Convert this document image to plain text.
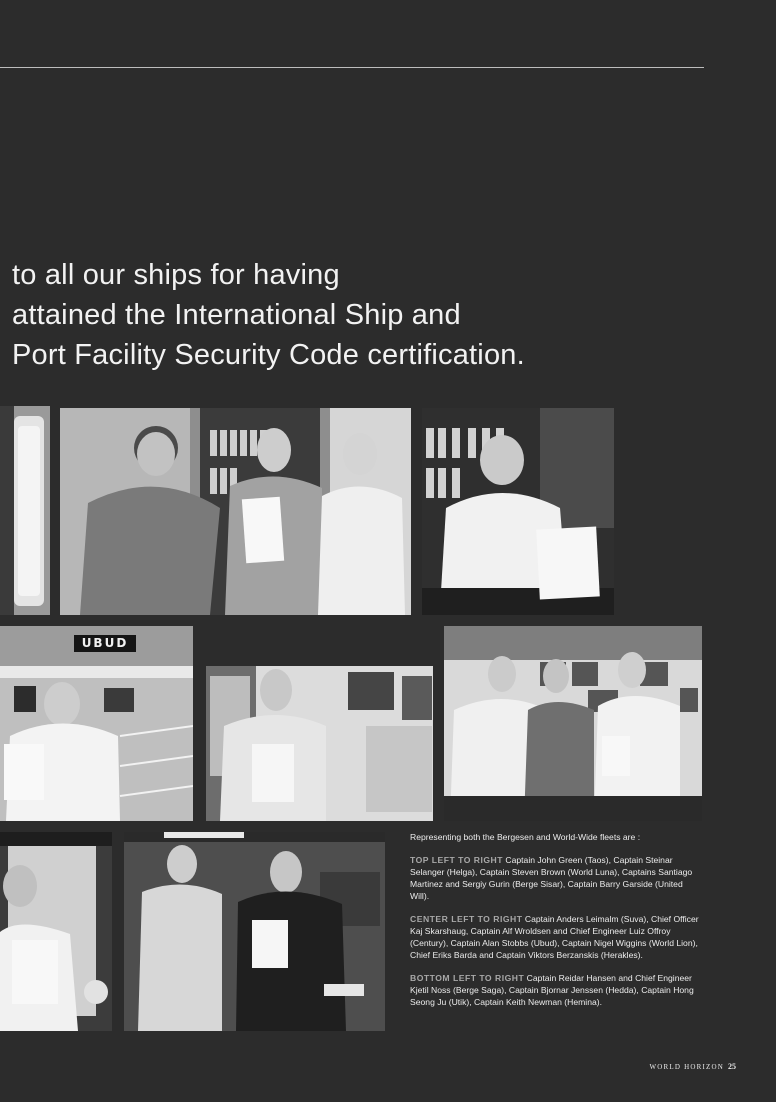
to all our ships for having
attained the International Ship and
Port Facility Security Code certification.
UBUD

Representing both the Bergesen and World-Wide fleets are :

TOP LEFT TO RIGHT Captain John Green (Taos), Captain Steinar Selanger (Helga), Captain Steven Brown (World Luna), Captains Santiago Martinez and Sergiy Gurin (Berge Sisar), Captain Barry Garside (United Will).

CENTER LEFT TO RIGHT Captain Anders Leimalm (Suva), Chief Officer Kaj Skarshaug, Captain Alf Wroldsen and Chief Engineer Luiz Offroy (Century), Captain Alan Stobbs (Ubud), Captain Nigel Wiggins (World Lion), Chief Eriks Barda and Captain Viktors Berzanskis (Herakles).

BOTTOM LEFT TO RIGHT Captain Reidar Hansen and Chief Engineer Kjetil Noss (Berge Saga), Captain Bjornar Jenssen (Hedda), Captain Hong Seong Ju (Utik), Captain Keith Newman (Hemina).

WORLD HORIZON 25
